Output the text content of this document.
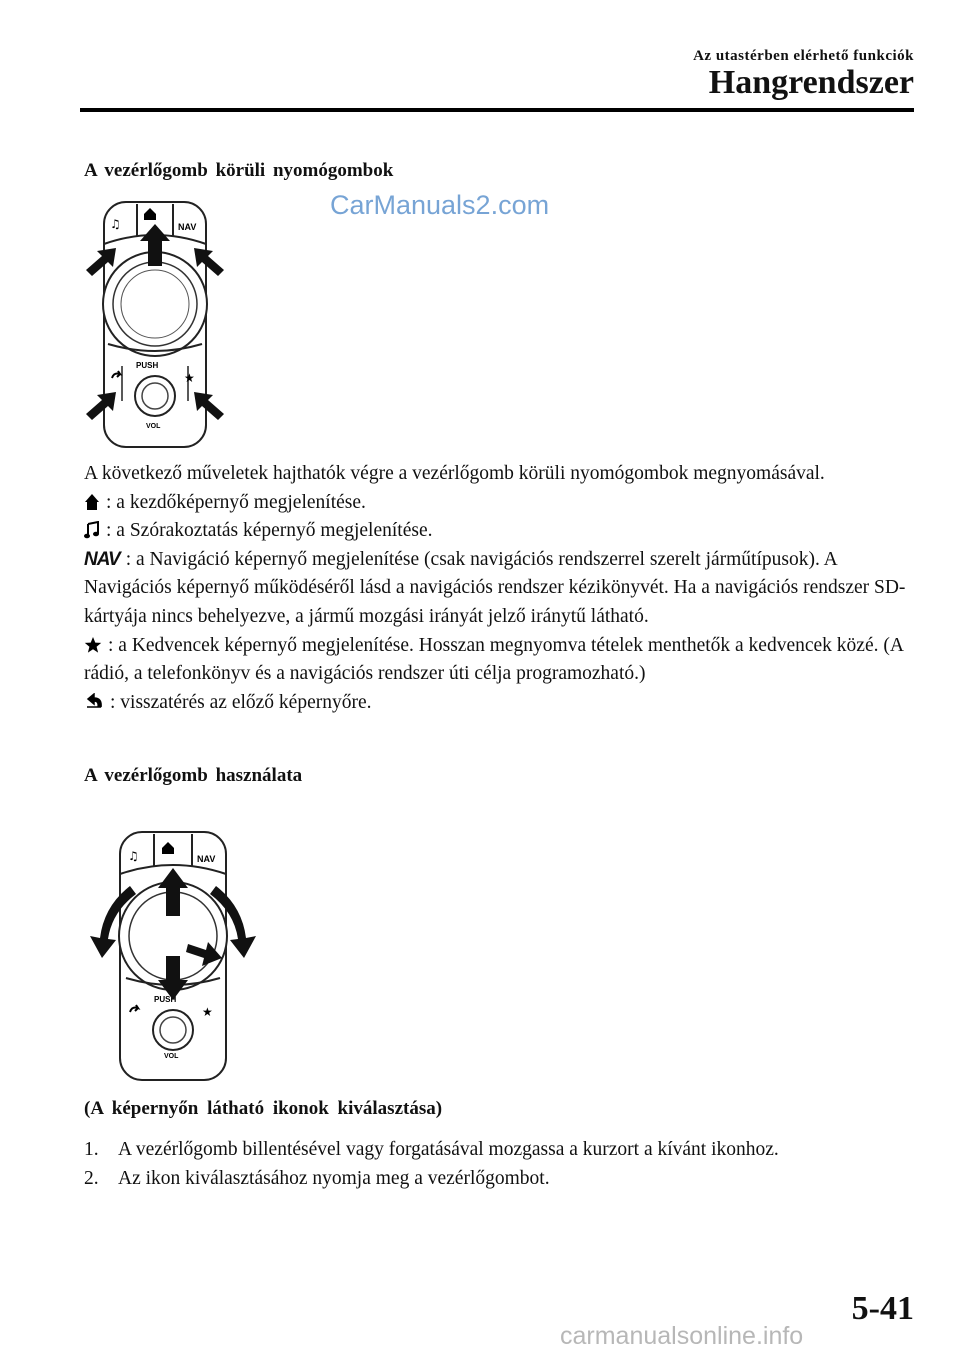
Az utastérben elérhető funkciók
Hangrendszer
A vezérlőgomb körüli nyomógombok
CarManuals2.com
♫	NAV
★
PUSH
VOL

A következő műveletek hajthatók végre a vezérlőgomb körüli nyomógombok megnyomásával.

: a kezdőképernyő megjelenítése.

: a Szórakoztatás képernyő megjelenítése.

NAV : a Navigáció képernyő megjelenítése (csak navigációs rendszerrel szerelt járműtípusok). A Navigációs képernyő működéséről lásd a navigációs rendszer kézikönyvét. Ha a navigációs rendszer SD-kártyája nincs behelyezve, a jármű mozgási irányát jelző iránytű látható.

: a Kedvencek képernyő megjelenítése. Hosszan megnyomva tételek menthetők a kedvencek közé. (A rádió, a telefonkönyv és a navigációs rendszer úti célja programozható.)

: visszatérés az előző képernyőre.

A vezérlőgomb használata
♫	NAV
★
PUSH
VOL
(A képernyőn látható ikonok kiválasztása)
1. A vezérlőgomb billentésével vagy forgatásával mozgassa a kurzort a kívánt ikonhoz.
2. Az ikon kiválasztásához nyomja meg a vezérlőgombot.
5-41
carmanualsonline.info
